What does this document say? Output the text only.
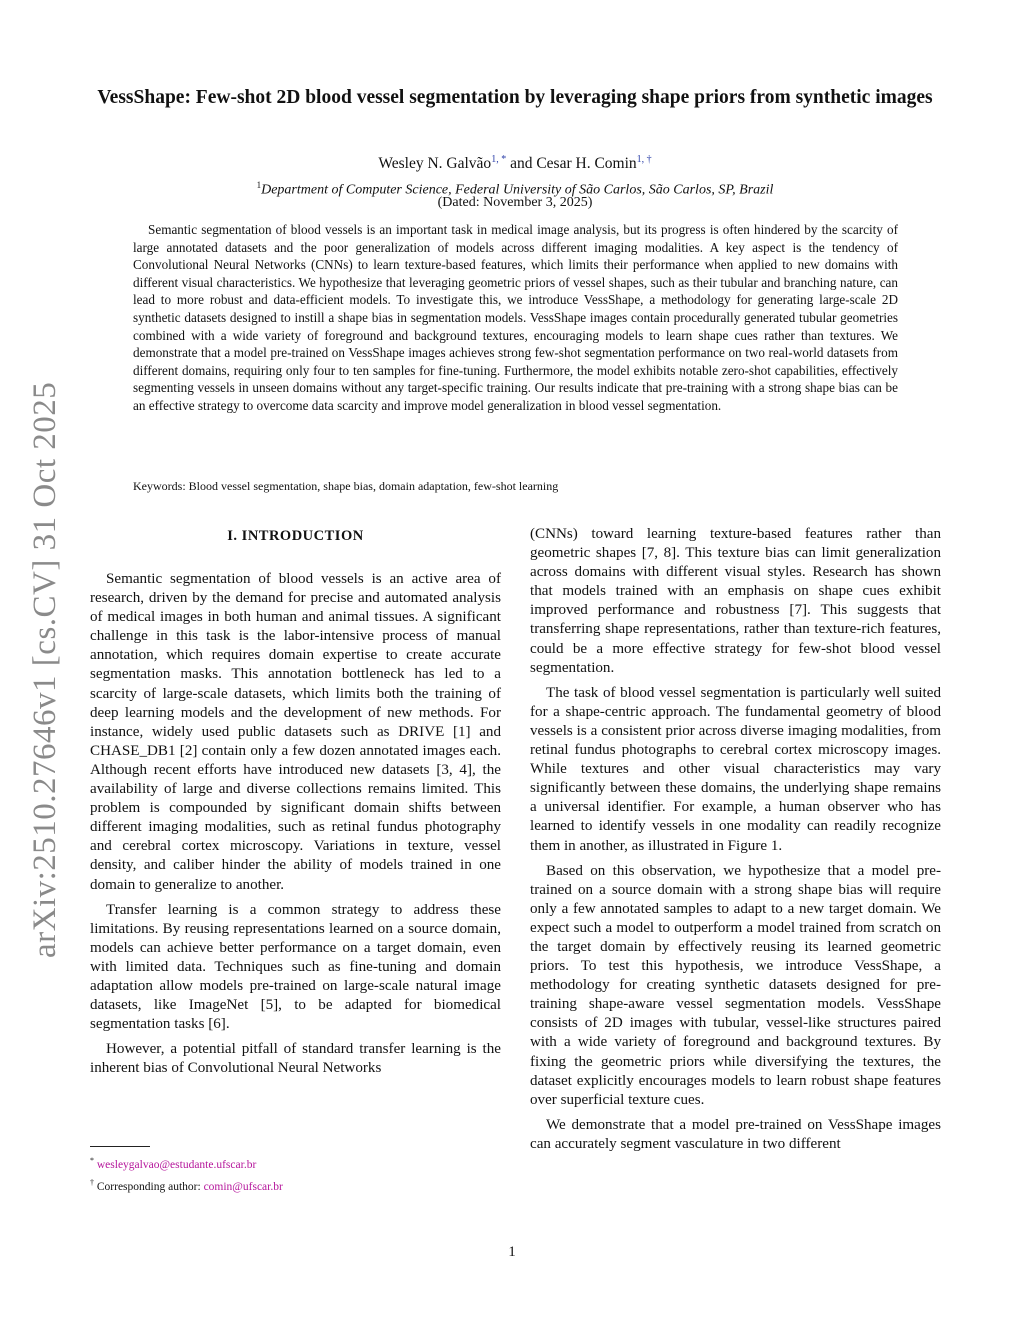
arXiv:2510.27646v1 [cs.CV] 31 Oct 2025
VessShape: Few-shot 2D blood vessel segmentation by leveraging shape priors from synthetic images
Wesley N. Galvão$^{1, *}$ and Cesar H. Comin$^{1, \dagger}$
$^1$Department of Computer Science, Federal University of São Carlos, São Carlos, SP, Brazil
(Dated: November 3, 2025)
Semantic segmentation of blood vessels is an important task in medical image analysis, but its progress is often hindered by the scarcity of large annotated datasets and the poor generalization of models across different imaging modalities. A key aspect is the tendency of Convolutional Neural Networks (CNNs) to learn texture-based features, which limits their performance when applied to new domains with different visual characteristics. We hypothesize that leveraging geometric priors of vessel shapes, such as their tubular and branching nature, can lead to more robust and data-efficient models. To investigate this, we introduce VessShape, a methodology for generating large-scale 2D synthetic datasets designed to instill a shape bias in segmentation models. VessShape images contain procedurally generated tubular geometries combined with a wide variety of foreground and background textures, encouraging models to learn shape cues rather than textures. We demonstrate that a model pre-trained on VessShape images achieves strong few-shot segmentation performance on two real-world datasets from different domains, requiring only four to ten samples for fine-tuning. Furthermore, the model exhibits notable zero-shot capabilities, effectively segmenting vessels in unseen domains without any target-specific training. Our results indicate that pre-training with a strong shape bias can be an effective strategy to overcome data scarcity and improve model generalization in blood vessel segmentation.
Keywords: Blood vessel segmentation, shape bias, domain adaptation, few-shot learning
I. INTRODUCTION

Semantic segmentation of blood vessels is an active area of research, driven by the demand for precise and automated analysis of medical images in both human and animal tissues. A significant challenge in this task is the labor-intensive process of manual annotation, which requires domain expertise to create accurate segmentation masks. This annotation bottleneck has led to a scarcity of large-scale datasets, which limits both the training of deep learning models and the development of new methods. For instance, widely used public datasets such as DRIVE [1] and CHASE_DB1 [2] contain only a few dozen annotated images each. Although recent efforts have introduced new datasets [3, 4], the availability of large and diverse collections remains limited. This problem is compounded by significant domain shifts between different imaging modalities, such as retinal fundus photography and cerebral cortex microscopy. Variations in texture, vessel density, and caliber hinder the ability of models trained in one domain to generalize to another.

Transfer learning is a common strategy to address these limitations. By reusing representations learned on a source domain, models can achieve better performance on a target domain, even with limited data. Techniques such as fine-tuning and domain adaptation allow models pre-trained on large-scale natural image datasets, like ImageNet [5], to be adapted for biomedical segmentation tasks [6].

However, a potential pitfall of standard transfer learning is the inherent bias of Convolutional Neural Networks

(CNNs) toward learning texture-based features rather than geometric shapes [7, 8]. This texture bias can limit generalization across domains with different visual styles. Research has shown that models trained with an emphasis on shape cues exhibit improved performance and robustness [7]. This suggests that transferring shape representations, rather than texture-rich features, could be a more effective strategy for few-shot blood vessel segmentation.

The task of blood vessel segmentation is particularly well suited for a shape-centric approach. The fundamental geometry of blood vessels is a consistent prior across diverse imaging modalities, from retinal fundus photographs to cerebral cortex microscopy images. While textures and other visual characteristics may vary significantly between these domains, the underlying shape remains a universal identifier. For example, a human observer who has learned to identify vessels in one modality can readily recognize them in another, as illustrated in Figure 1.

Based on this observation, we hypothesize that a model pre-trained on a source domain with a strong shape bias will require only a few annotated samples to adapt to a new target domain. We expect such a model to outperform a model trained from scratch on the target domain by effectively reusing its learned geometric priors. To test this hypothesis, we introduce VessShape, a methodology for creating synthetic datasets designed for pre-training shape-aware vessel segmentation models. VessShape consists of 2D images with tubular, vessel-like structures paired with a wide variety of foreground and background textures. By fixing the geometric priors while diversifying the textures, the dataset explicitly encourages models to learn robust shape features over superficial texture cues.

We demonstrate that a model pre-trained on VessShape images can accurately segment vasculature in two different

* wesleygalvao@estudante.ufscar.br
† Corresponding author: comin@ufscar.br
1
